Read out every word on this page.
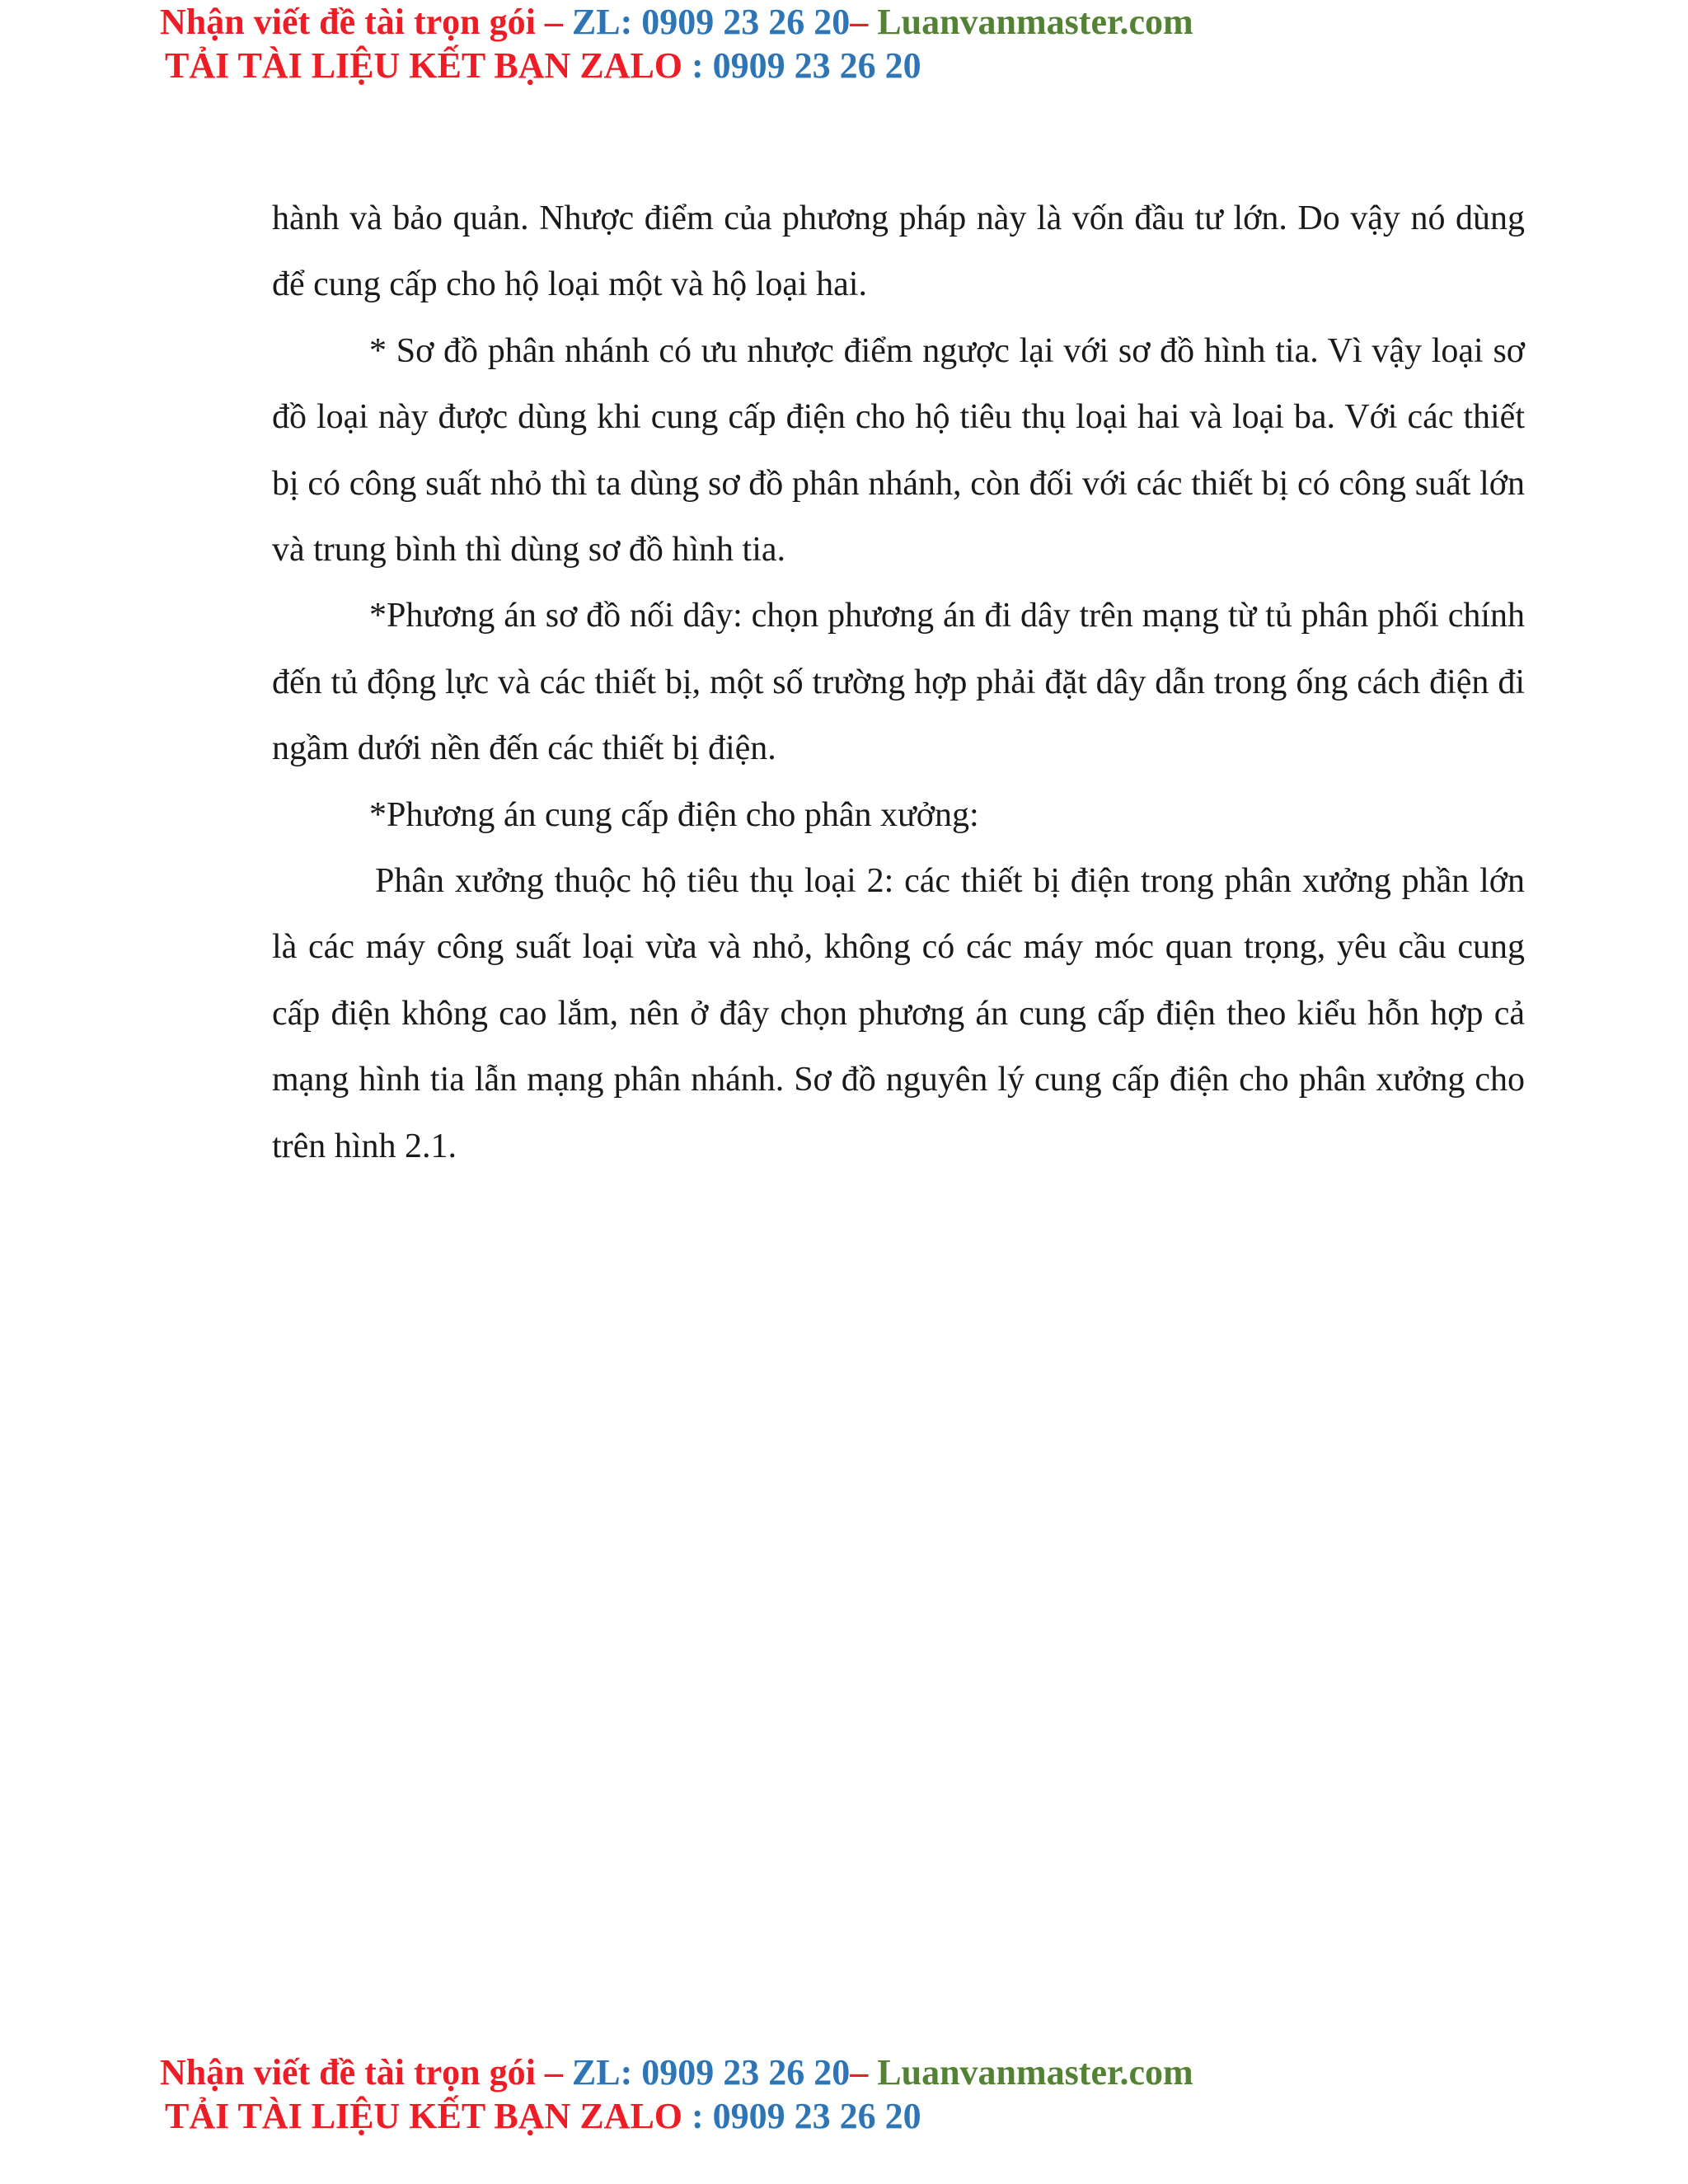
Nhận viết đề tài trọn gói – ZL: 0909 23 26 20– Luanvanmaster.com
TẢI TÀI LIỆU KẾT BẠN ZALO : 0909 23 26 20

hành và bảo quản. Nhược điểm của phương pháp này là vốn đầu tư lớn. Do vậy nó dùng để cung cấp cho hộ loại một và hộ loại hai.

* Sơ đồ phân nhánh có ưu nhược điểm ngược lại với sơ đồ hình tia. Vì vậy loại sơ đồ loại này được dùng khi cung cấp điện cho hộ tiêu thụ loại hai và loại ba. Với các thiết bị có công suất nhỏ thì ta dùng sơ đồ phân nhánh, còn đối với các thiết bị có công suất lớn và trung bình thì dùng sơ đồ hình tia.

*Phương án sơ đồ nối dây: chọn phương án đi dây trên mạng từ tủ phân phối chính đến tủ động lực và các thiết bị, một số trường hợp phải đặt dây dẫn trong ống cách điện đi ngầm dưới nền đến các thiết bị điện.

*Phương án cung cấp điện cho phân xưởng:

Phân xưởng thuộc hộ tiêu thụ loại 2: các thiết bị điện trong phân xưởng phần lớn là các máy công suất loại vừa và nhỏ, không có các máy móc quan trọng, yêu cầu cung cấp điện không cao lắm, nên ở đây chọn phương án cung cấp điện theo kiểu hỗn hợp cả mạng hình tia lẫn mạng phân nhánh. Sơ đồ nguyên lý cung cấp điện cho phân xưởng cho trên hình 2.1.

Nhận viết đề tài trọn gói – ZL: 0909 23 26 20– Luanvanmaster.com
TẢI TÀI LIỆU KẾT BẠN ZALO : 0909 23 26 20
